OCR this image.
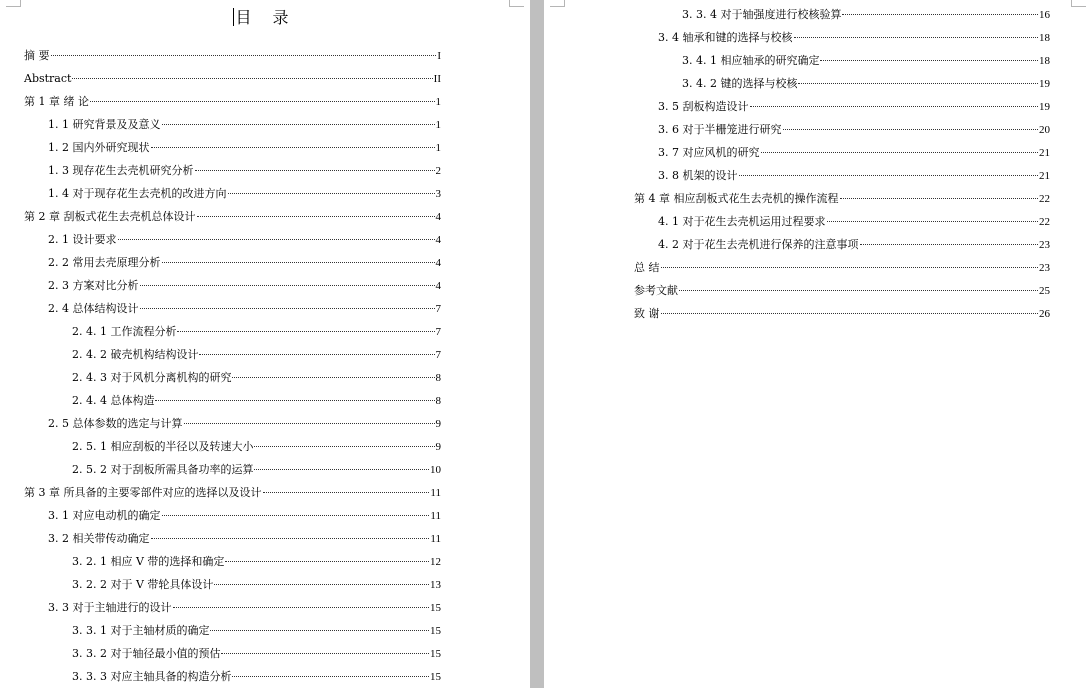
目 录
摘 要	I
Abstract	II
第 1 章 绪 论	1
1. 1 研究背景及及意义	1
1. 2 国内外研究现状	1
1. 3 现存花生去壳机研究分析	2
1. 4 对于现存花生去壳机的改进方向	3
第 2 章 刮板式花生去壳机总体设计	4
2. 1 设计要求	4
2. 2 常用去壳原理分析	4
2. 3 方案对比分析	4
2. 4 总体结构设计	7
2. 4. 1 工作流程分析	7
2. 4. 2 破壳机构结构设计	7
2. 4. 3 对于风机分离机构的研究	8
2. 4. 4 总体构造	8
2. 5 总体参数的选定与计算	9
2. 5. 1 相应刮板的半径以及转速大小	9
2. 5. 2 对于刮板所需具备功率的运算	10
第 3 章 所具备的主要零部件对应的选择以及设计	11
3. 1 对应电动机的确定	11
3. 2 相关带传动确定	11
3. 2. 1 相应 V 带的选择和确定	12
3. 2. 2 对于 V 带轮具体设计	13
3. 3 对于主轴进行的设计	15
3. 3. 1 对于主轴材质的确定	15
3. 3. 2 对于轴径最小值的预估	15
3. 3. 3 对应主轴具备的构造分析	15
3. 3. 4 对于轴强度进行校核验算	16
3. 4 轴承和键的选择与校核	18
3. 4. 1 相应轴承的研究确定	18
3. 4. 2 键的选择与校核	19
3. 5 刮板构造设计	19
3. 6 对于半栅笼进行研究	20
3. 7 对应风机的研究	21
3. 8 机架的设计	21
第 4 章 相应刮板式花生去壳机的操作流程	22
4. 1 对于花生去壳机运用过程要求	22
4. 2 对于花生去壳机进行保养的注意事项	23
总 结	23
参考文献	25
致 谢	26
